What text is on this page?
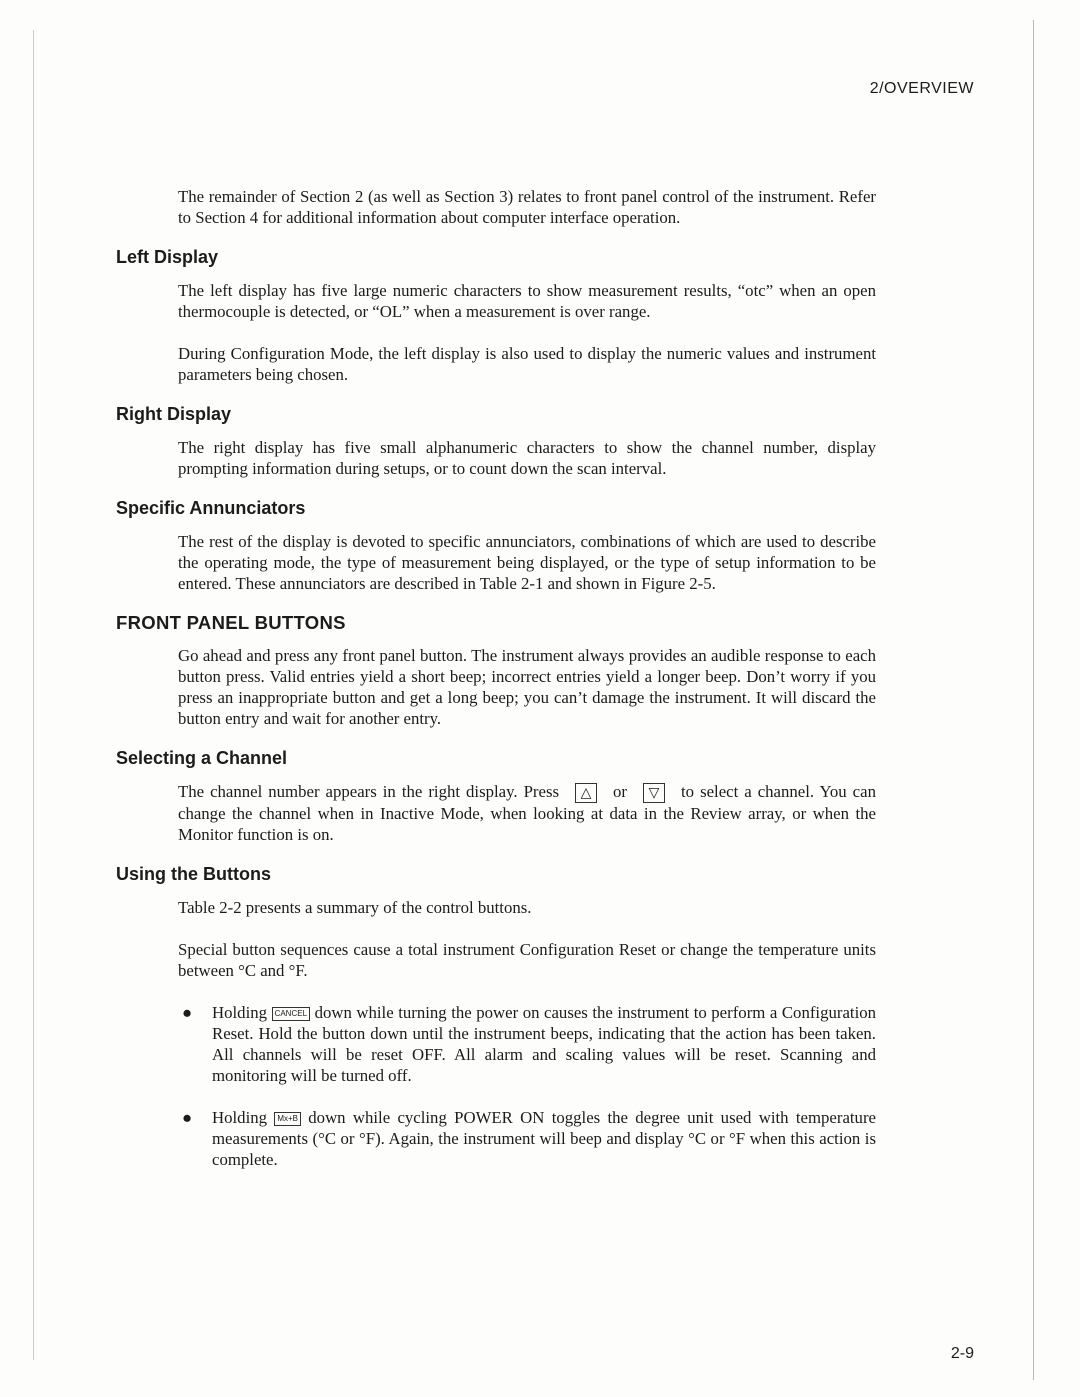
2/OVERVIEW

The remainder of Section 2 (as well as Section 3) relates to front panel control of the instrument. Refer to Section 4 for additional information about computer interface operation.

Left Display

The left display has five large numeric characters to show measurement results, “otc” when an open thermocouple is detected, or “OL” when a measurement is over range.

During Configuration Mode, the left display is also used to display the numeric values and instrument parameters being chosen.

Right Display

The right display has five small alphanumeric characters to show the channel number, display prompting information during setups, or to count down the scan interval.

Specific Annunciators

The rest of the display is devoted to specific annunciators, combinations of which are used to describe the operating mode, the type of measurement being displayed, or the type of setup information to be entered. These annunciators are described in Table 2-1 and shown in Figure 2-5.

FRONT PANEL BUTTONS

Go ahead and press any front panel button. The instrument always provides an audible response to each button press. Valid entries yield a short beep; incorrect entries yield a longer beep. Don’t worry if you press an inappropriate button and get a long beep; you can’t damage the instrument. It will discard the button entry and wait for another entry.

Selecting a Channel

The channel number appears in the right display. Press △ or ▽ to select a channel. You can change the channel when in Inactive Mode, when looking at data in the Review array, or when the Monitor function is on.

Using the Buttons

Table 2-2 presents a summary of the control buttons.

Special button sequences cause a total instrument Configuration Reset or change the temperature units between °C and °F.

● Holding CANCEL down while turning the power on causes the instrument to perform a Configuration Reset. Hold the button down until the instrument beeps, indicating that the action has been taken. All channels will be reset OFF. All alarm and scaling values will be reset. Scanning and monitoring will be turned off.
● Holding Mx+B down while cycling POWER ON toggles the degree unit used with temperature measurements (°C or °F). Again, the instrument will beep and display °C or °F when this action is complete.
2-9
